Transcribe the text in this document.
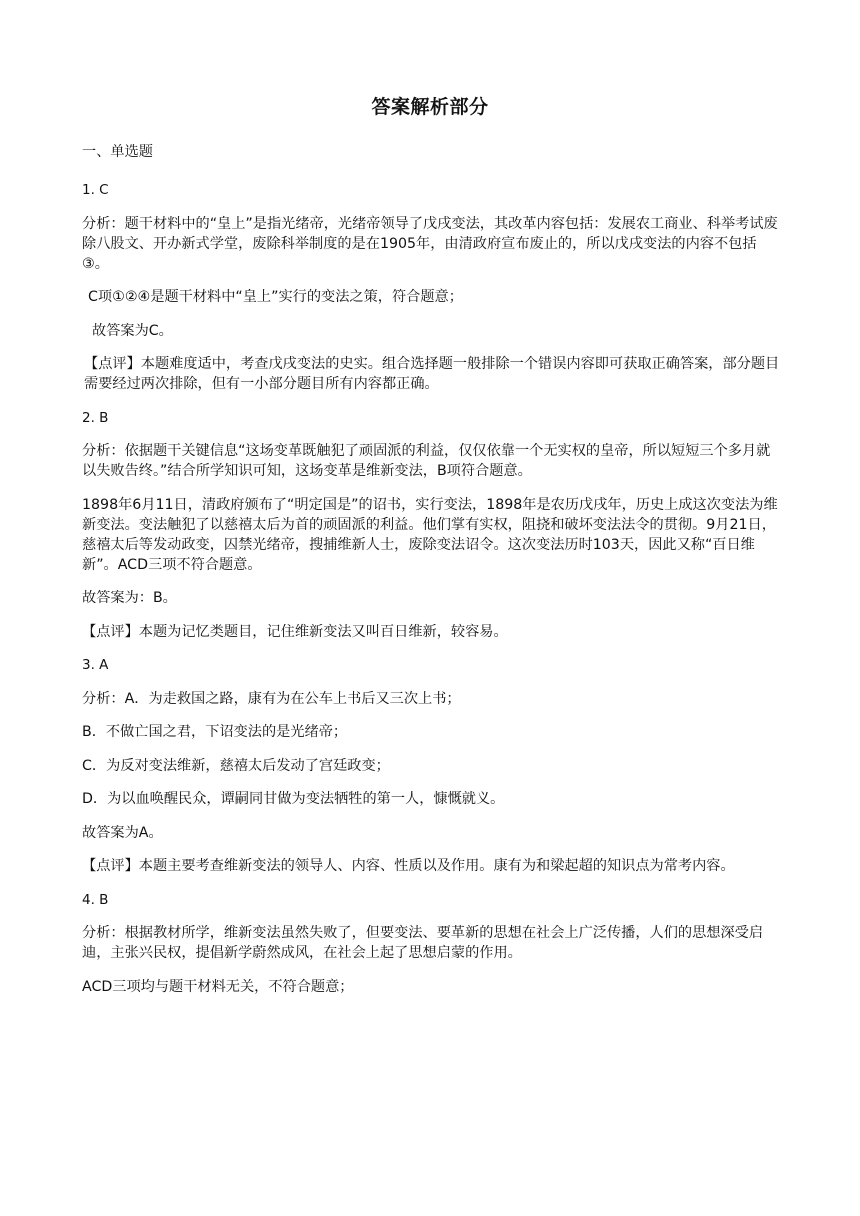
答案解析部分
一、单选题
1. C
分析：题干材料中的“皇上”是指光绪帝，光绪帝领导了戊戌变法，其改革内容包括：发展农工商业、科举考试废除八股文、开办新式学堂，废除科举制度的是在1905年，由清政府宣布废止的，所以戊戌变法的内容不包括③。
C项①②④是题干材料中“皇上”实行的变法之策，符合题意；
故答案为C。
【点评】本题难度适中，考查戊戌变法的史实。组合选择题一般排除一个错误内容即可获取正确答案，部分题目需要经过两次排除，但有一小部分题目所有内容都正确。
2. B
分析：依据题干关键信息“这场变革既触犯了顽固派的利益，仅仅依靠一个无实权的皇帝，所以短短三个多月就以失败告终。”结合所学知识可知，这场变革是维新变法，B项符合题意。
1898年6月11日，清政府颁布了“明定国是”的诏书，实行变法，1898年是农历戊戌年，历史上成这次变法为维新变法。变法触犯了以慈禧太后为首的顽固派的利益。他们掌有实权，阻挠和破坏变法法令的贯彻。9月21日，慈禧太后等发动政变，囚禁光绪帝，搜捕维新人士，废除变法诏令。这次变法历时103天，因此又称“百日维新”。ACD三项不符合题意。
故答案为：B。
【点评】本题为记忆类题目，记住维新变法又叫百日维新，较容易。
3. A
分析：A．为走救国之路，康有为在公车上书后又三次上书；
B．不做亡国之君，下诏变法的是光绪帝；
C．为反对变法维新，慈禧太后发动了宫廷政变；
D．为以血唤醒民众，谭嗣同甘做为变法牺牲的第一人，慷慨就义。
故答案为A。
【点评】本题主要考查维新变法的领导人、内容、性质以及作用。康有为和梁起超的知识点为常考内容。
4. B
分析：根据教材所学，维新变法虽然失败了，但要变法、要革新的思想在社会上广泛传播，人们的思想深受启迪，主张兴民权，提倡新学蔚然成风，在社会上起了思想启蒙的作用。
ACD三项均与题干材料无关，不符合题意；
